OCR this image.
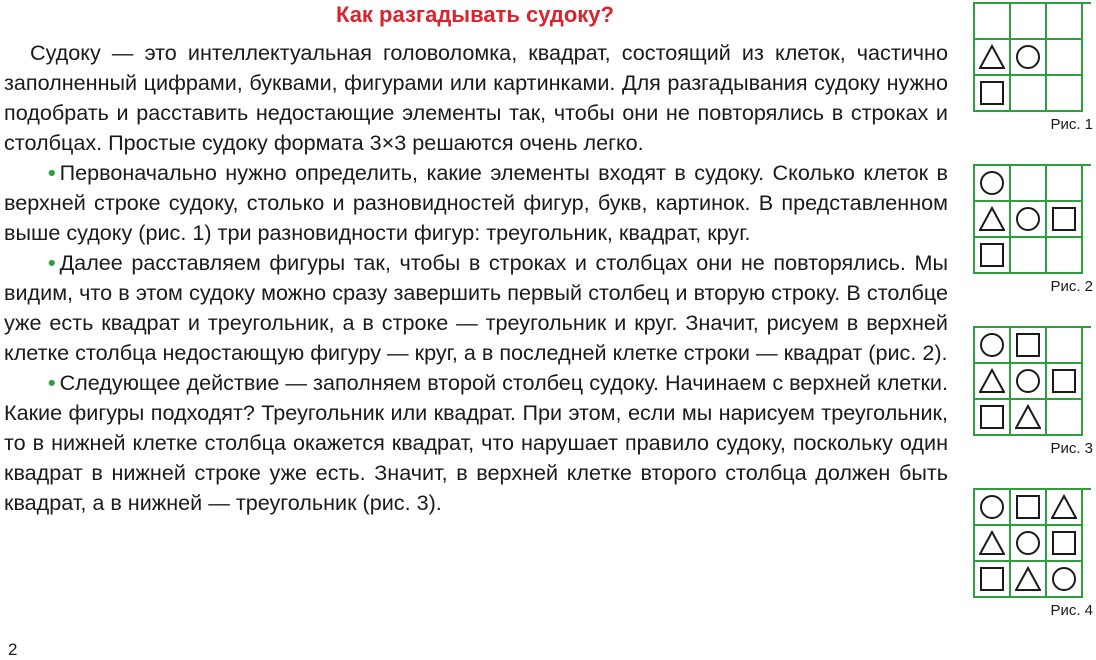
Как разгадывать судоку?

Судоку — это интеллектуальная головоломка, квадрат, состоящий из клеток, частично заполненный цифрами, буквами, фигурами или картинками. Для разгадывания судоку нужно подобрать и расставить недостающие элементы так, чтобы они не повторялись в строках и столбцах. Простые судоку формата 3×3 решаются очень легко.

• Первоначально нужно определить, какие элементы входят в судоку. Сколько клеток в верхней строке судоку, столько и разновидностей фигур, букв, картинок. В представленном выше судоку (рис. 1) три разновидности фигур: треугольник, квадрат, круг.

• Далее расставляем фигуры так, чтобы в строках и столбцах они не повторялись. Мы видим, что в этом судоку можно сразу завершить первый столбец и вторую строку. В столбце уже есть квадрат и треугольник, а в строке — треугольник и круг. Значит, рисуем в верхней клетке столбца недостающую фигуру — круг, а в последней клетке строки — квадрат (рис. 2).

• Следующее действие — заполняем второй столбец судоку. Начинаем с верхней клетки. Какие фигуры подходят? Треугольник или квадрат. При этом, если мы нарисуем треугольник, то в нижней клетке столбца окажется квадрат, что нарушает правило судоку, поскольку один квадрат в нижней строке уже есть. Значит, в верхней клетке второго столбца должен быть квадрат, а в нижней — треугольник (рис. 3).

2
Рис. 1
Рис. 2
Рис. 3
Рис. 4
